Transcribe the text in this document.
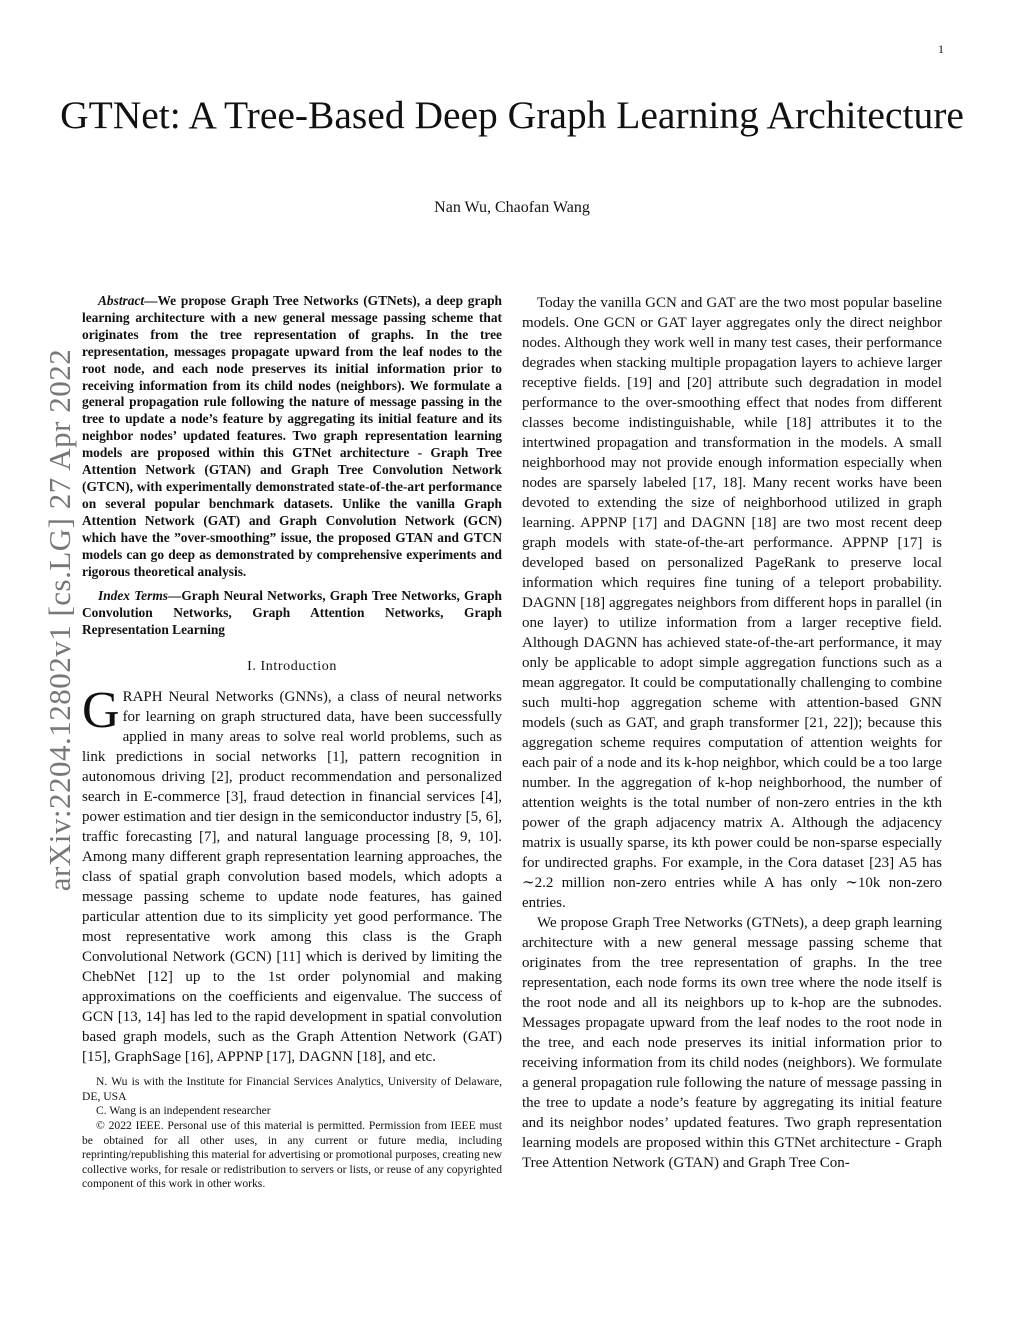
1
arXiv:2204.12802v1 [cs.LG] 27 Apr 2022
GTNet: A Tree-Based Deep Graph Learning Architecture
Nan Wu, Chaofan Wang

Abstract—We propose Graph Tree Networks (GTNets), a deep graph learning architecture with a new general message passing scheme that originates from the tree representation of graphs. In the tree representation, messages propagate upward from the leaf nodes to the root node, and each node preserves its initial information prior to receiving information from its child nodes (neighbors). We formulate a general propagation rule following the nature of message passing in the tree to update a node’s feature by aggregating its initial feature and its neighbor nodes’ updated features. Two graph representation learning models are proposed within this GTNet architecture - Graph Tree Attention Network (GTAN) and Graph Tree Convolution Network (GTCN), with experimentally demonstrated state-of-the-art performance on several popular benchmark datasets. Unlike the vanilla Graph Attention Network (GAT) and Graph Convolution Network (GCN) which have the ”over-smoothing” issue, the proposed GTAN and GTCN models can go deep as demonstrated by comprehensive experiments and rigorous theoretical analysis.

Index Terms—Graph Neural Networks, Graph Tree Networks, Graph Convolution Networks, Graph Attention Networks, Graph Representation Learning

I. Introduction

GRAPH Neural Networks (GNNs), a class of neural networks for learning on graph structured data, have been successfully applied in many areas to solve real world problems, such as link predictions in social networks [1], pattern recognition in autonomous driving [2], product recommendation and personalized search in E-commerce [3], fraud detection in financial services [4], power estimation and tier design in the semiconductor industry [5, 6], traffic forecasting [7], and natural language processing [8, 9, 10]. Among many different graph representation learning approaches, the class of spatial graph convolution based models, which adopts a message passing scheme to update node features, has gained particular attention due to its simplicity yet good performance. The most representative work among this class is the Graph Convolutional Network (GCN) [11] which is derived by limiting the ChebNet [12] up to the 1st order polynomial and making approximations on the coefficients and eigenvalue. The success of GCN [13, 14] has led to the rapid development in spatial convolution based graph models, such as the Graph Attention Network (GAT) [15], GraphSage [16], APPNP [17], DAGNN [18], and etc.

N. Wu is with the Institute for Financial Services Analytics, University of Delaware, DE, USA

C. Wang is an independent researcher

© 2022 IEEE. Personal use of this material is permitted. Permission from IEEE must be obtained for all other uses, in any current or future media, including reprinting/republishing this material for advertising or promotional purposes, creating new collective works, for resale or redistribution to servers or lists, or reuse of any copyrighted component of this work in other works.

Today the vanilla GCN and GAT are the two most popular baseline models. One GCN or GAT layer aggregates only the direct neighbor nodes. Although they work well in many test cases, their performance degrades when stacking multiple propagation layers to achieve larger receptive fields. [19] and [20] attribute such degradation in model performance to the over-smoothing effect that nodes from different classes become indistinguishable, while [18] attributes it to the intertwined propagation and transformation in the models. A small neighborhood may not provide enough information especially when nodes are sparsely labeled [17, 18]. Many recent works have been devoted to extending the size of neighborhood utilized in graph learning. APPNP [17] and DAGNN [18] are two most recent deep graph models with state-of-the-art performance. APPNP [17] is developed based on personalized PageRank to preserve local information which requires fine tuning of a teleport probability. DAGNN [18] aggregates neighbors from different hops in parallel (in one layer) to utilize information from a larger receptive field. Although DAGNN has achieved state-of-the-art performance, it may only be applicable to adopt simple aggregation functions such as a mean aggregator. It could be computationally challenging to combine such multi-hop aggregation scheme with attention-based GNN models (such as GAT, and graph transformer [21, 22]); because this aggregation scheme requires computation of attention weights for each pair of a node and its k-hop neighbor, which could be a too large number. In the aggregation of k-hop neighborhood, the number of attention weights is the total number of non-zero entries in the kth power of the graph adjacency matrix A. Although the adjacency matrix is usually sparse, its kth power could be non-sparse especially for undirected graphs. For example, in the Cora dataset [23] A5 has ∼2.2 million non-zero entries while A has only ∼10k non-zero entries.

We propose Graph Tree Networks (GTNets), a deep graph learning architecture with a new general message passing scheme that originates from the tree representation of graphs. In the tree representation, each node forms its own tree where the node itself is the root node and all its neighbors up to k-hop are the subnodes. Messages propagate upward from the leaf nodes to the root node in the tree, and each node preserves its initial information prior to receiving information from its child nodes (neighbors). We formulate a general propagation rule following the nature of message passing in the tree to update a node’s feature by aggregating its initial feature and its neighbor nodes’ updated features. Two graph representation learning models are proposed within this GTNet architecture - Graph Tree Attention Network (GTAN) and Graph Tree Con-
